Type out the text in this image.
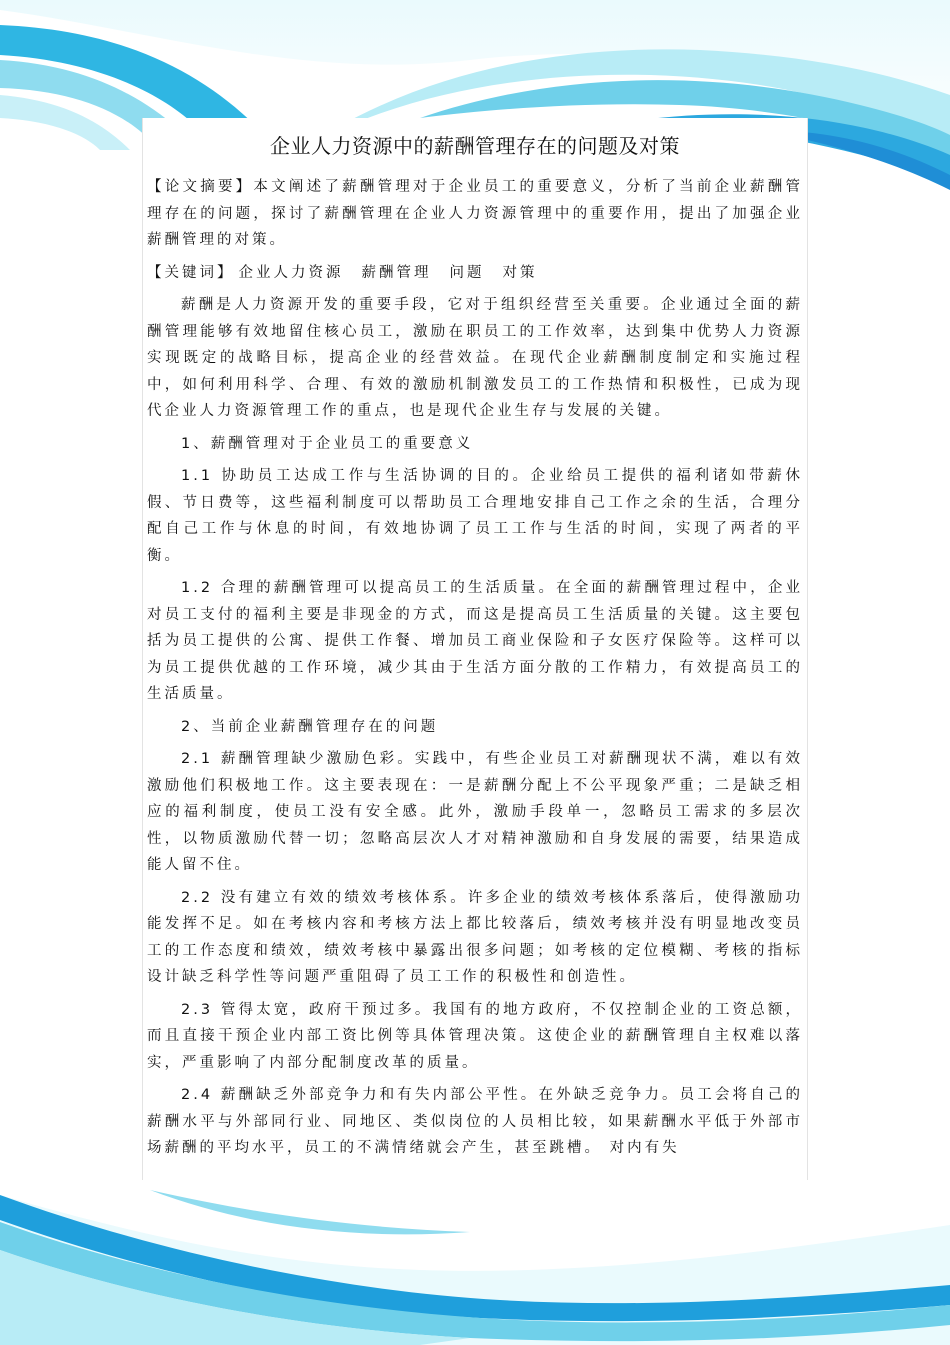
企业人力资源中的薪酬管理存在的问题及对策

【论文摘要】本文阐述了薪酬管理对于企业员工的重要意义，分析了当前企业薪酬管理存在的问题，探讨了薪酬管理在企业人力资源管理中的重要作用，提出了加强企业薪酬管理的对策。

【关键词】 企业人力资源 薪酬管理 问题 对策

薪酬是人力资源开发的重要手段，它对于组织经营至关重要。企业通过全面的薪酬管理能够有效地留住核心员工，激励在职员工的工作效率，达到集中优势人力资源实现既定的战略目标，提高企业的经营效益。在现代企业薪酬制度制定和实施过程中，如何利用科学、合理、有效的激励机制激发员工的工作热情和积极性，已成为现代企业人力资源管理工作的重点，也是现代企业生存与发展的关键。

1、薪酬管理对于企业员工的重要意义

1.1 协助员工达成工作与生活协调的目的。企业给员工提供的福利诸如带薪休假、节日费等，这些福利制度可以帮助员工合理地安排自己工作之余的生活，合理分配自己工作与休息的时间，有效地协调了员工工作与生活的时间，实现了两者的平衡。

1.2 合理的薪酬管理可以提高员工的生活质量。在全面的薪酬管理过程中，企业对员工支付的福利主要是非现金的方式，而这是提高员工生活质量的关键。这主要包括为员工提供的公寓、提供工作餐、增加员工商业保险和子女医疗保险等。这样可以为员工提供优越的工作环境，减少其由于生活方面分散的工作精力，有效提高员工的生活质量。

2、当前企业薪酬管理存在的问题

2.1 薪酬管理缺少激励色彩。实践中，有些企业员工对薪酬现状不满，难以有效激励他们积极地工作。这主要表现在：一是薪酬分配上不公平现象严重；二是缺乏相应的福利制度，使员工没有安全感。此外，激励手段单一，忽略员工需求的多层次性，以物质激励代替一切；忽略高层次人才对精神激励和自身发展的需要，结果造成能人留不住。

2.2 没有建立有效的绩效考核体系。许多企业的绩效考核体系落后，使得激励功能发挥不足。如在考核内容和考核方法上都比较落后，绩效考核并没有明显地改变员工的工作态度和绩效，绩效考核中暴露出很多问题；如考核的定位模糊、考核的指标设计缺乏科学性等问题严重阻碍了员工工作的积极性和创造性。

2.3 管得太宽，政府干预过多。我国有的地方政府，不仅控制企业的工资总额，而且直接干预企业内部工资比例等具体管理决策。这使企业的薪酬管理自主权难以落实，严重影响了内部分配制度改革的质量。

2.4 薪酬缺乏外部竞争力和有失内部公平性。在外缺乏竞争力。员工会将自己的薪酬水平与外部同行业、同地区、类似岗位的人员相比较，如果薪酬水平低于外部市场薪酬的平均水平，员工的不满情绪就会产生，甚至跳槽。 对内有失
